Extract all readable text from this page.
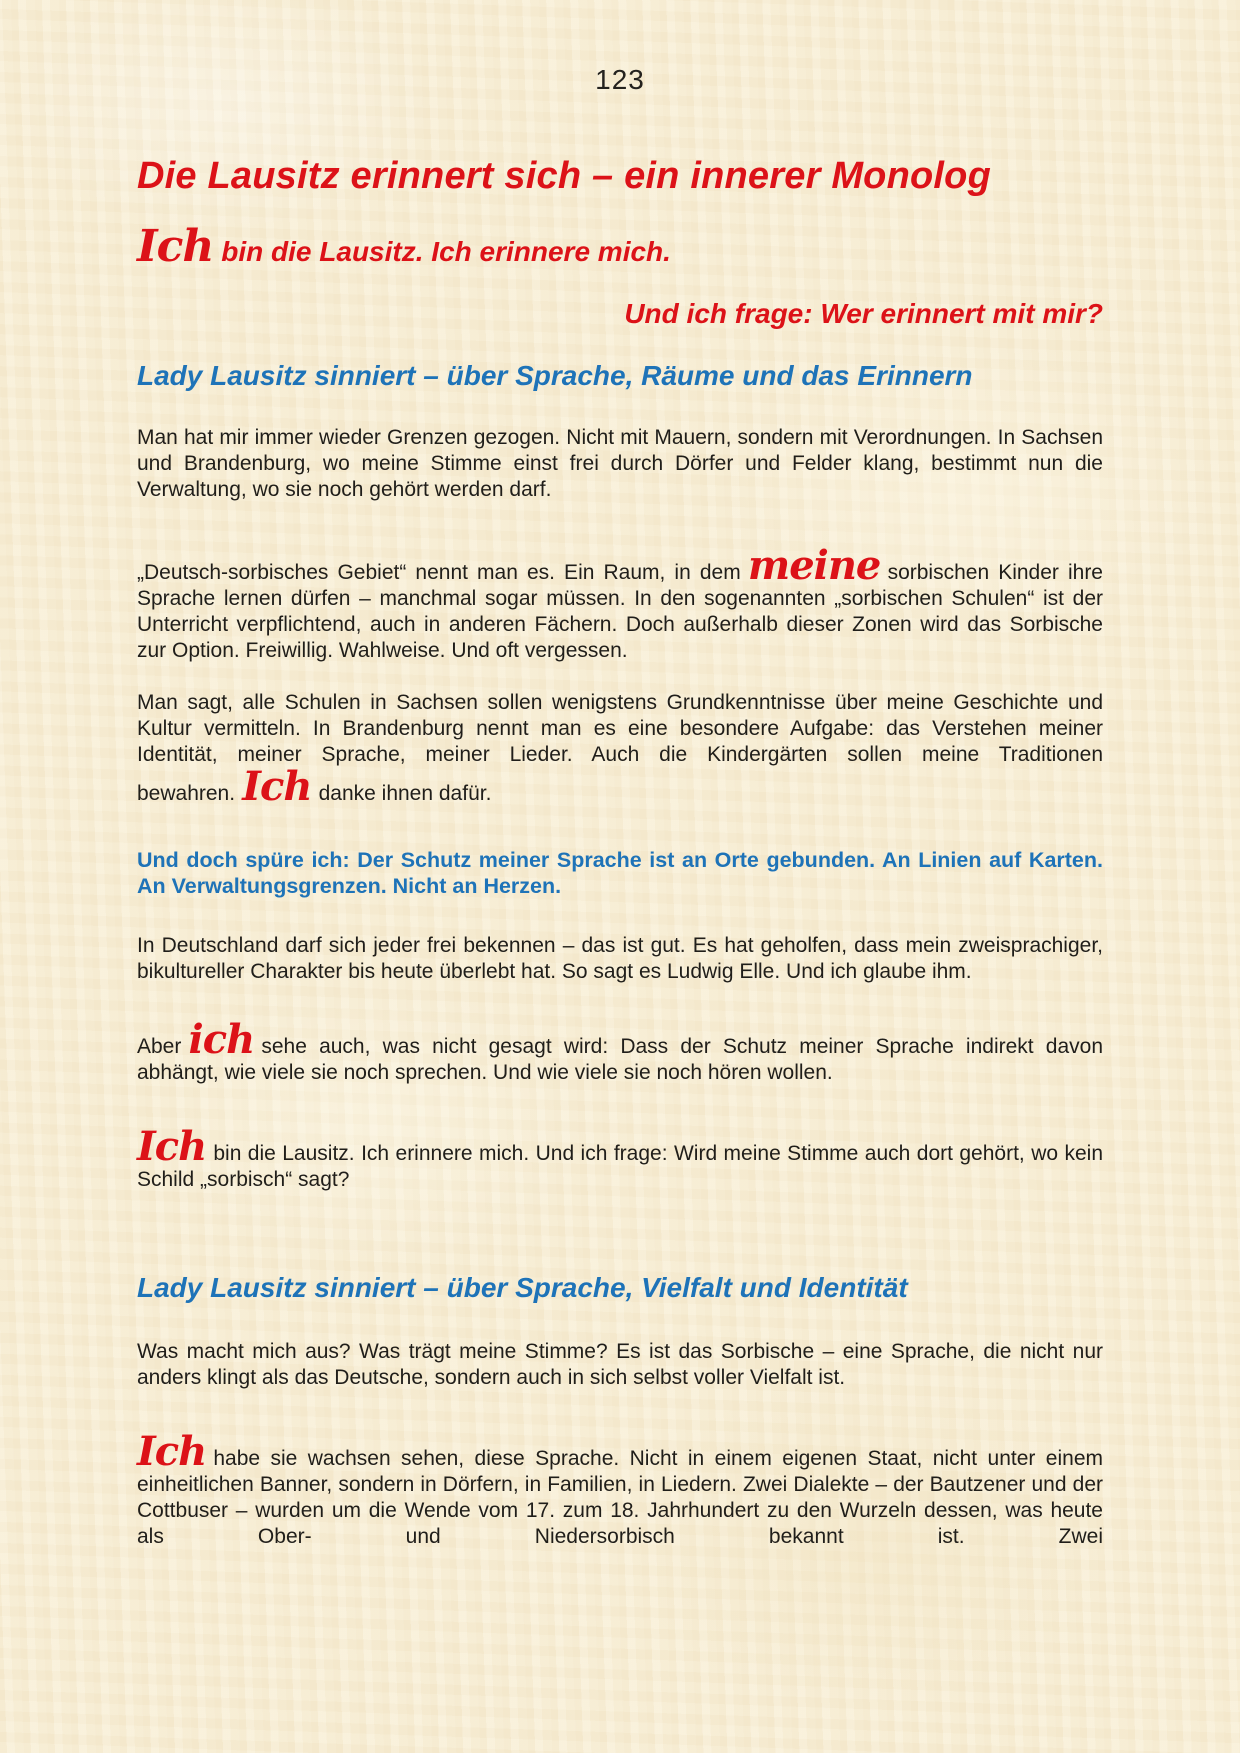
123
Die Lausitz erinnert sich – ein innerer Monolog

Ich bin die Lausitz. Ich erinnere mich.

Und ich frage: Wer erinnert mit mir?

Lady Lausitz sinniert – über Sprache, Räume und das Erinnern

Man hat mir immer wieder Grenzen gezogen. Nicht mit Mauern, sondern mit Verordnungen. In Sachsen und Brandenburg, wo meine Stimme einst frei durch Dörfer und Felder klang, bestimmt nun die Verwaltung, wo sie noch gehört werden darf.

„Deutsch-sorbisches Gebiet“ nennt man es. Ein Raum, in dem meine sorbischen Kinder ihre Sprache lernen dürfen – manchmal sogar müssen. In den sogenannten „sorbischen Schulen“ ist der Unterricht verpflichtend, auch in anderen Fächern. Doch außerhalb dieser Zonen wird das Sorbische zur Option. Freiwillig. Wahlweise. Und oft vergessen.

Man sagt, alle Schulen in Sachsen sollen wenigstens Grundkenntnisse über meine Geschichte und Kultur vermitteln. In Brandenburg nennt man es eine besondere Aufgabe: das Verstehen meiner Identität, meiner Sprache, meiner Lieder. Auch die Kindergärten sollen meine Traditionen bewahren. Ich danke ihnen dafür.

Und doch spüre ich: Der Schutz meiner Sprache ist an Orte gebunden. An Linien auf Karten. An Verwaltungsgrenzen. Nicht an Herzen.

In Deutschland darf sich jeder frei bekennen – das ist gut. Es hat geholfen, dass mein zweisprachiger, bikultureller Charakter bis heute überlebt hat. So sagt es Ludwig Elle. Und ich glaube ihm.

Aber ich sehe auch, was nicht gesagt wird: Dass der Schutz meiner Sprache indirekt davon abhängt, wie viele sie noch sprechen. Und wie viele sie noch hören wollen.

Ich bin die Lausitz. Ich erinnere mich. Und ich frage: Wird meine Stimme auch dort gehört, wo kein Schild „sorbisch“ sagt?

Lady Lausitz sinniert – über Sprache, Vielfalt und Identität

Was macht mich aus? Was trägt meine Stimme? Es ist das Sorbische – eine Sprache, die nicht nur anders klingt als das Deutsche, sondern auch in sich selbst voller Vielfalt ist.

Ich habe sie wachsen sehen, diese Sprache. Nicht in einem eigenen Staat, nicht unter einem einheitlichen Banner, sondern in Dörfern, in Familien, in Liedern. Zwei Dialekte – der Bautzener und der Cottbuser – wurden um die Wende vom 17. zum 18. Jahrhundert zu den Wurzeln dessen, was heute als Ober- und Niedersorbisch bekannt ist. Zwei
